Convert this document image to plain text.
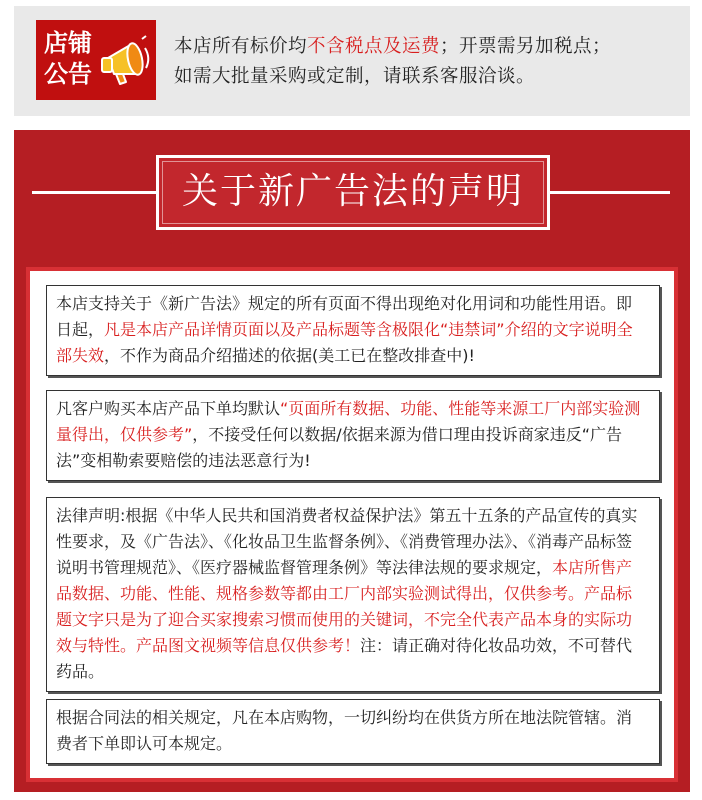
店铺
公告
本店所有标价均不含税点及运费；开票需另加税点；
如需大批量采购或定制，请联系客服洽谈。
关于新广告法的声明

本店支持关于《新广告法》规定的所有页面不得出现绝对化用词和功能性用语。即日起，凡是本店产品详情页面以及产品标题等含极限化“违禁词”介绍的文字说明全部失效，不作为商品介绍描述的依据(美工已在整改排查中)!

凡客户购买本店产品下单均默认“页面所有数据、功能、性能等来源工厂内部实验测量得出，仅供参考”，不接受任何以数据/依据来源为借口理由投诉商家违反“广告法”变相勒索要赔偿的违法恶意行为!

法律声明:根据《中华人民共和国消费者权益保护法》第五十五条的产品宣传的真实性要求，及《广告法》、《化妆品卫生监督条例》、《消费管理办法》、《消毒产品标签说明书管理规范》、《医疗器械监督管理条例》等法律法规的要求规定，本店所售产品数据、功能、性能、规格参数等都由工厂内部实验测试得出，仅供参考。产品标题文字只是为了迎合买家搜索习惯而使用的关键词，不完全代表产品本身的实际功效与特性。产品图文视频等信息仅供参考！注：请正确对待化妆品功效，不可替代药品。

根据合同法的相关规定，凡在本店购物，一切纠纷均在供货方所在地法院管辖。消费者下单即认可本规定。
